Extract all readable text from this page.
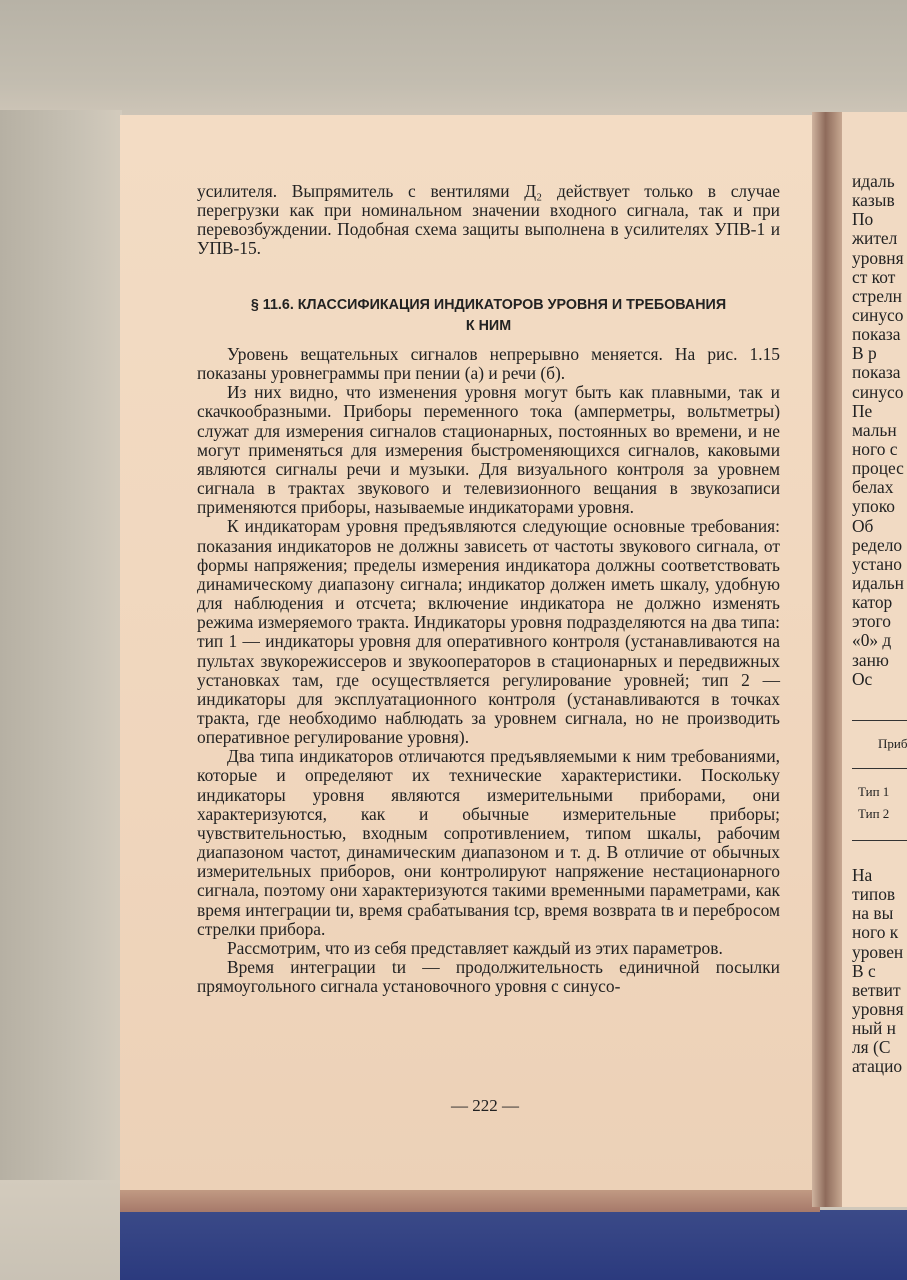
усилителя. Выпрямитель с вентилями Д₂ действует только в случае перегрузки как при номинальном значении входного сигнала, так и при перевозбуждении. Подобная схема защиты выполнена в усилителях УПВ-1 и УПВ-15.

§ 11.6. КЛАССИФИКАЦИЯ ИНДИКАТОРОВ УРОВНЯ И ТРЕБОВАНИЯ
К НИМ

Уровень вещательных сигналов непрерывно меняется. На рис. 1.15 показаны уровнеграммы при пении (а) и речи (б).

Из них видно, что изменения уровня могут быть как плавными, так и скачкообразными. Приборы переменного тока (амперметры, вольтметры) служат для измерения сигналов стационарных, постоянных во времени, и не могут применяться для измерения быстроменяющихся сигналов, каковыми являются сигналы речи и музыки. Для визуального контроля за уровнем сигнала в трактах звукового и телевизионного вещания в звукозаписи применяются приборы, называемые индикаторами уровня.

К индикаторам уровня предъявляются следующие основные требования: показания индикаторов не должны зависеть от частоты звукового сигнала, от формы напряжения; пределы измерения индикатора должны соответствовать динамическому диапазону сигнала; индикатор должен иметь шкалу, удобную для наблюдения и отсчета; включение индикатора не должно изменять режима измеряемого тракта. Индикаторы уровня подразделяются на два типа: тип 1 — индикаторы уровня для оперативного контроля (устанавливаются на пультах звукорежиссеров и звукооператоров в стационарных и передвижных установках там, где осуществляется регулирование уровней; тип 2 — индикаторы для эксплуатационного контроля (устанавливаются в точках тракта, где необходимо наблюдать за уровнем сигнала, но не производить оперативное регулирование уровня).

Два типа индикаторов отличаются предъявляемыми к ним требованиями, которые и определяют их технические характеристики. Поскольку индикаторы уровня являются измерительными приборами, они характеризуются, как и обычные измерительные приборы; чувствительностью, входным сопротивлением, типом шкалы, рабочим диапазоном частот, динамическим диапазоном и т. д. В отличие от обычных измерительных приборов, они контролируют напряжение нестационарного сигнала, поэтому они характеризуются такими временными параметрами, как время интеграции tи, время срабатывания tср, время возврата tв и перебросом стрелки прибора.

Рассмотрим, что из себя представляет каждый из этих параметров.

Время интеграции tи — продолжительность единичной посылки прямоугольного сигнала установочного уровня с синусо-

— 222 —
идаль
казыв
По
жител
уровня
ст кот
стрелн
синусо
показа
В р
показа
синусо
Пе
мальн
ного с
процес
белах
упоко
Об
редело
устано
идальн
катор
этого
«0» д
заню
Ос
Приб
Тип 1
Тип 2
На
типов
на вы
ного к
уровен
В с
ветвит
уровня
ный н
ля (С
атацио
